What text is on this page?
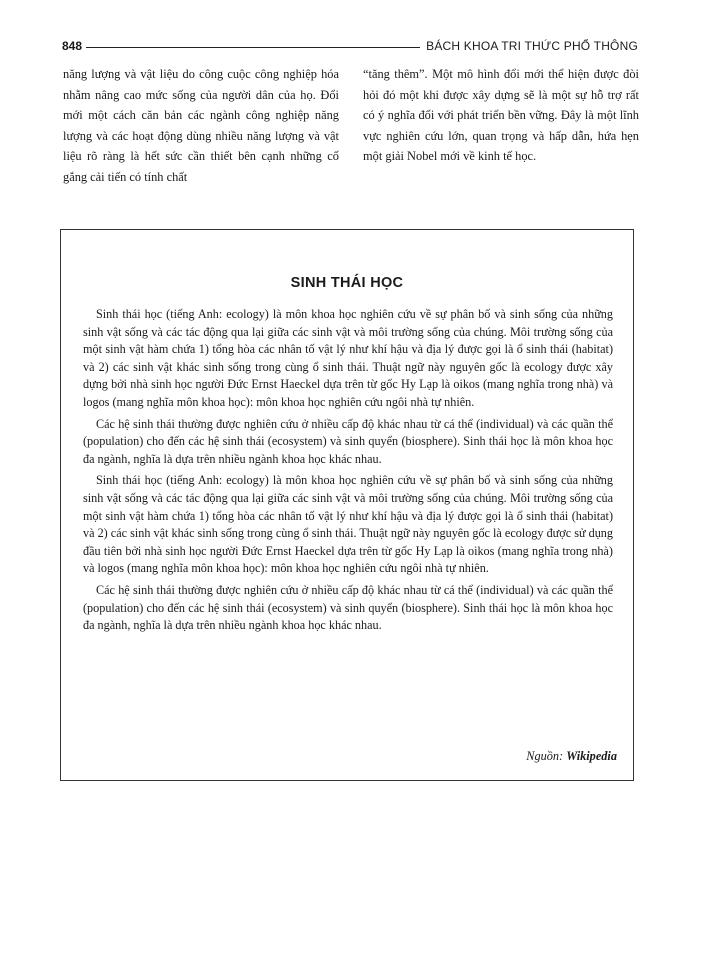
848	BÁCH KHOA TRI THỨC PHỔ THÔNG
năng lượng và vật liệu do công cuộc công nghiệp hóa nhằm nâng cao mức sống của người dân của họ. Đổi mới một cách căn bản các ngành công nghiệp năng lượng và các hoạt động dùng nhiều năng lượng và vật liệu rõ ràng là hết sức cần thiết bên cạnh những cố gắng cải tiến có tính chất
“tăng thêm”. Một mô hình đổi mới thể hiện được đòi hỏi đó một khi được xây dựng sẽ là một sự hỗ trợ rất có ý nghĩa đối với phát triển bền vững. Đây là một lĩnh vực nghiên cứu lớn, quan trọng và hấp dẫn, hứa hẹn một giải Nobel mới về kinh tế học.
SINH THÁI HỌC

Sinh thái học (tiếng Anh: ecology) là môn khoa học nghiên cứu về sự phân bố và sinh sống của những sinh vật sống và các tác động qua lại giữa các sinh vật và môi trường sống của chúng. Môi trường sống của một sinh vật hàm chứa 1) tổng hòa các nhân tố vật lý như khí hậu và địa lý được gọi là ổ sinh thái (habitat) và 2) các sinh vật khác sinh sống trong cùng ổ sinh thái. Thuật ngữ này nguyên gốc là ecology được xây dựng bởi nhà sinh học người Đức Ernst Haeckel dựa trên từ gốc Hy Lạp là oikos (mang nghĩa trong nhà) và logos (mang nghĩa môn khoa học): môn khoa học nghiên cứu ngôi nhà tự nhiên.

Các hệ sinh thái thường được nghiên cứu ở nhiều cấp độ khác nhau từ cá thể (individual) và các quần thể (population) cho đến các hệ sinh thái (ecosystem) và sinh quyển (biosphere). Sinh thái học là môn khoa học đa ngành, nghĩa là dựa trên nhiều ngành khoa học khác nhau.

Sinh thái học (tiếng Anh: ecology) là môn khoa học nghiên cứu về sự phân bố và sinh sống của những sinh vật sống và các tác động qua lại giữa các sinh vật và môi trường sống của chúng. Môi trường sống của một sinh vật hàm chứa 1) tổng hòa các nhân tố vật lý như khí hậu và địa lý được gọi là ổ sinh thái (habitat) và 2) các sinh vật khác sinh sống trong cùng ổ sinh thái. Thuật ngữ này nguyên gốc là ecology được sử dụng đầu tiên bởi nhà sinh học người Đức Ernst Haeckel dựa trên từ gốc Hy Lạp là oikos (mang nghĩa trong nhà) và logos (mang nghĩa môn khoa học): môn khoa học nghiên cứu ngôi nhà tự nhiên.

Các hệ sinh thái thường được nghiên cứu ở nhiều cấp độ khác nhau từ cá thể (individual) và các quần thể (population) cho đến các hệ sinh thái (ecosystem) và sinh quyển (biosphere). Sinh thái học là môn khoa học đa ngành, nghĩa là dựa trên nhiều ngành khoa học khác nhau.

Nguồn: Wikipedia
